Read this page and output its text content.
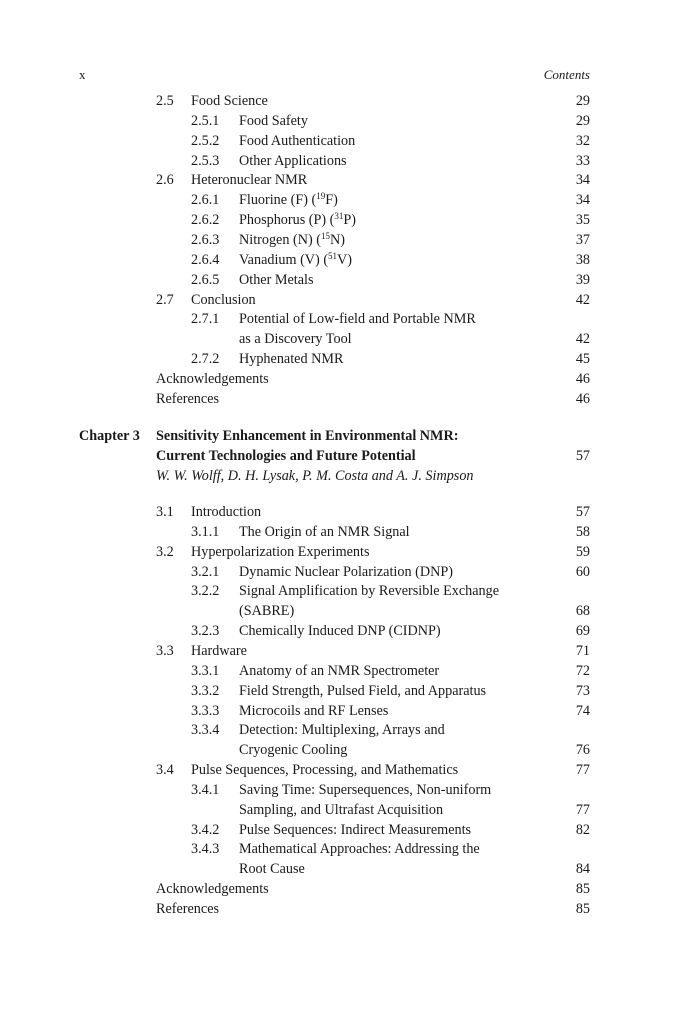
x	Contents
2.5 Food Science	29
2.5.1 Food Safety	29
2.5.2 Food Authentication	32
2.5.3 Other Applications	33
2.6 Heteronuclear NMR	34
2.6.1 Fluorine (F) ($^{19}$F)	34
2.6.2 Phosphorus (P) ($^{31}$P)	35
2.6.3 Nitrogen (N) ($^{15}$N)	37
2.6.4 Vanadium (V) ($^{51}$V)	38
2.6.5 Other Metals	39
2.7 Conclusion	42
2.7.1 Potential of Low-field and Portable NMR
as a Discovery Tool	42
2.7.2 Hyphenated NMR	45
Acknowledgements	46
References	46
Chapter 3 Sensitivity Enhancement in Environmental NMR:
Current Technologies and Future Potential	57
W. W. Wolff, D. H. Lysak, P. M. Costa and A. J. Simpson
3.1 Introduction	57
3.1.1 The Origin of an NMR Signal	58
3.2 Hyperpolarization Experiments	59
3.2.1 Dynamic Nuclear Polarization (DNP)	60
3.2.2 Signal Amplification by Reversible Exchange
(SABRE)	68
3.2.3 Chemically Induced DNP (CIDNP)	69
3.3 Hardware	71
3.3.1 Anatomy of an NMR Spectrometer	72
3.3.2 Field Strength, Pulsed Field, and Apparatus	73
3.3.3 Microcoils and RF Lenses	74
3.3.4 Detection: Multiplexing, Arrays and
Cryogenic Cooling	76
3.4 Pulse Sequences, Processing, and Mathematics	77
3.4.1 Saving Time: Supersequences, Non-uniform
Sampling, and Ultrafast Acquisition	77
3.4.2 Pulse Sequences: Indirect Measurements	82
3.4.3 Mathematical Approaches: Addressing the
Root Cause	84
Acknowledgements	85
References	85
